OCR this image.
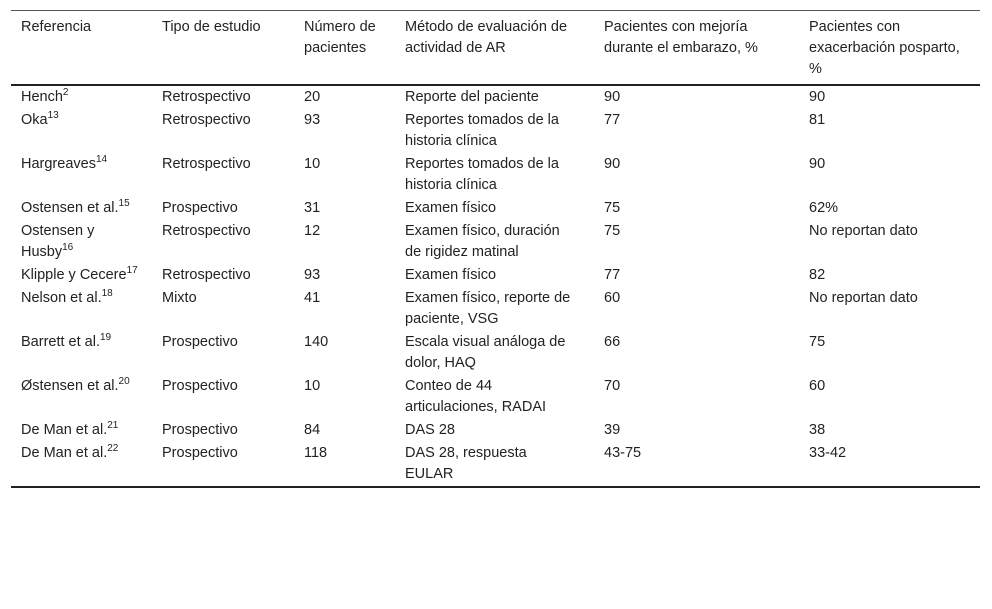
Referencia	Tipo de estudio	Número de pacientes	Método de evaluación de actividad de AR	Pacientes con mejoría durante el embarazo, %	Pacientes con exacerbación posparto, %
Hench$^2$	Retrospectivo	20	Reporte del paciente	90	90
Oka$^{13}$	Retrospectivo	93	Reportes tomados de la historia clínica	77	81
Hargreaves$^{14}$	Retrospectivo	10	Reportes tomados de la historia clínica	90	90
Ostensen et al.$^{15}$	Prospectivo	31	Examen físico	75	62%
Ostensen y Husby$^{16}$	Retrospectivo	12	Examen físico, duración de rigidez matinal	75	No reportan dato
Klipple y Cecere$^{17}$	Retrospectivo	93	Examen físico	77	82
Nelson et al.$^{18}$	Mixto	41	Examen físico, reporte de paciente, VSG	60	No reportan dato
Barrett et al.$^{19}$	Prospectivo	140	Escala visual análoga de dolor, HAQ	66	75
Østensen et al.$^{20}$	Prospectivo	10	Conteo de 44 articulaciones, RADAI	70	60
De Man et al.$^{21}$	Prospectivo	84	DAS 28	39	38
De Man et al.$^{22}$	Prospectivo	118	DAS 28, respuesta EULAR	43-75	33-42
